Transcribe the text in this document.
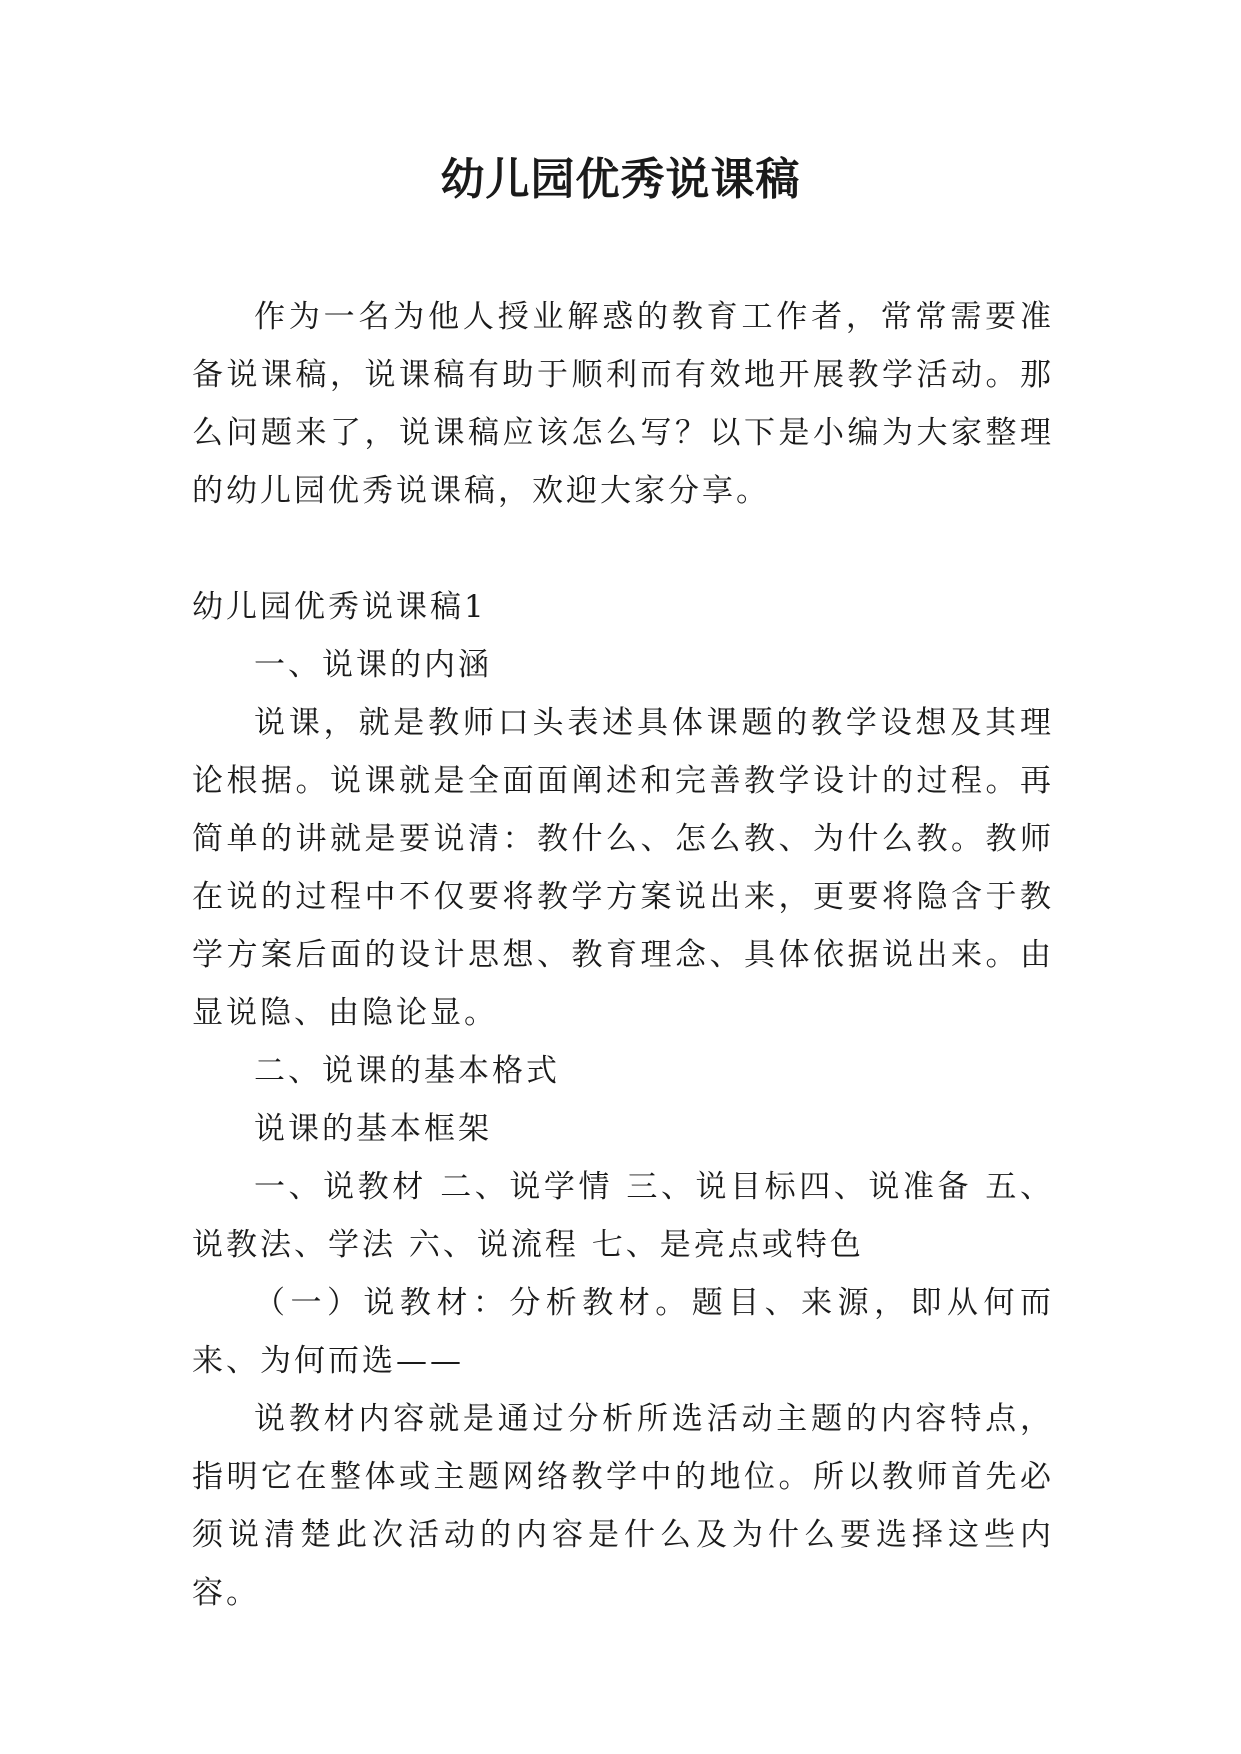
幼儿园优秀说课稿

作为一名为他人授业解惑的教育工作者，常常需要准备说课稿，说课稿有助于顺利而有效地开展教学活动。那么问题来了，说课稿应该怎么写？以下是小编为大家整理的幼儿园优秀说课稿，欢迎大家分享。

幼儿园优秀说课稿1

一、说课的内涵

说课，就是教师口头表述具体课题的教学设想及其理论根据。说课就是全面面阐述和完善教学设计的过程。再简单的讲就是要说清：教什么、怎么教、为什么教。教师在说的过程中不仅要将教学方案说出来，更要将隐含于教学方案后面的设计思想、教育理念、具体依据说出来。由显说隐、由隐论显。

二、说课的基本格式

说课的基本框架

一、说教材 二、说学情 三、说目标四、说准备 五、说教法、学法 六、说流程 七、是亮点或特色

（一）说教材：分析教材。题目、来源，即从何而来、为何而选——

说教材内容就是通过分析所选活动主题的内容特点，指明它在整体或主题网络教学中的地位。所以教师首先必须说清楚此次活动的内容是什么及为什么要选择这些内容。
